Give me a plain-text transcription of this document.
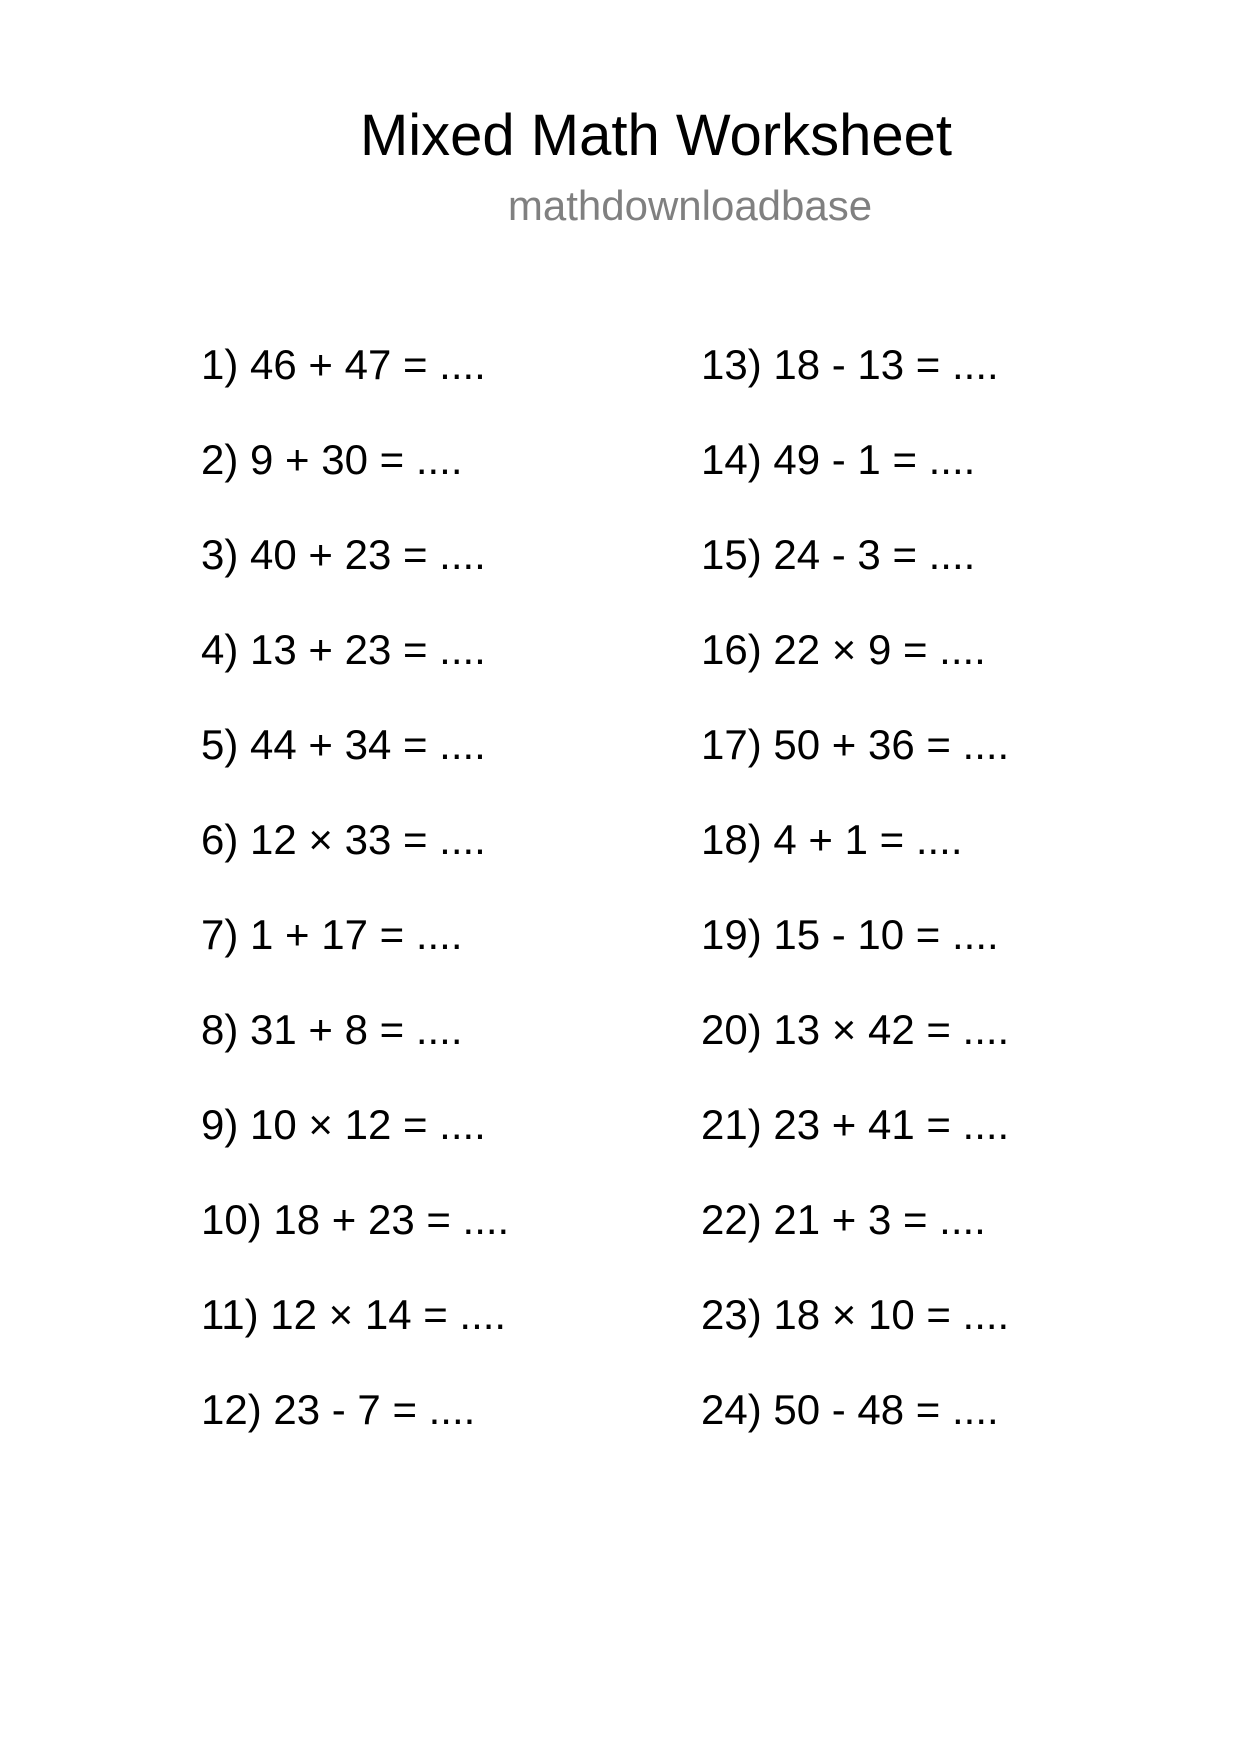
Mixed Math Worksheet
mathdownloadbase
1) 46 + 47 = ....
2) 9 + 30 = ....
3) 40 + 23 = ....
4) 13 + 23 = ....
5) 44 + 34 = ....
6) 12 × 33 = ....
7) 1 + 17 = ....
8) 31 + 8 = ....
9) 10 × 12 = ....
10) 18 + 23 = ....
11) 12 × 14 = ....
12) 23 - 7 = ....
13) 18 - 13 = ....
14) 49 - 1 = ....
15) 24 - 3 = ....
16) 22 × 9 = ....
17) 50 + 36 = ....
18) 4 + 1 = ....
19) 15 - 10 = ....
20) 13 × 42 = ....
21) 23 + 41 = ....
22) 21 + 3 = ....
23) 18 × 10 = ....
24) 50 - 48 = ....
